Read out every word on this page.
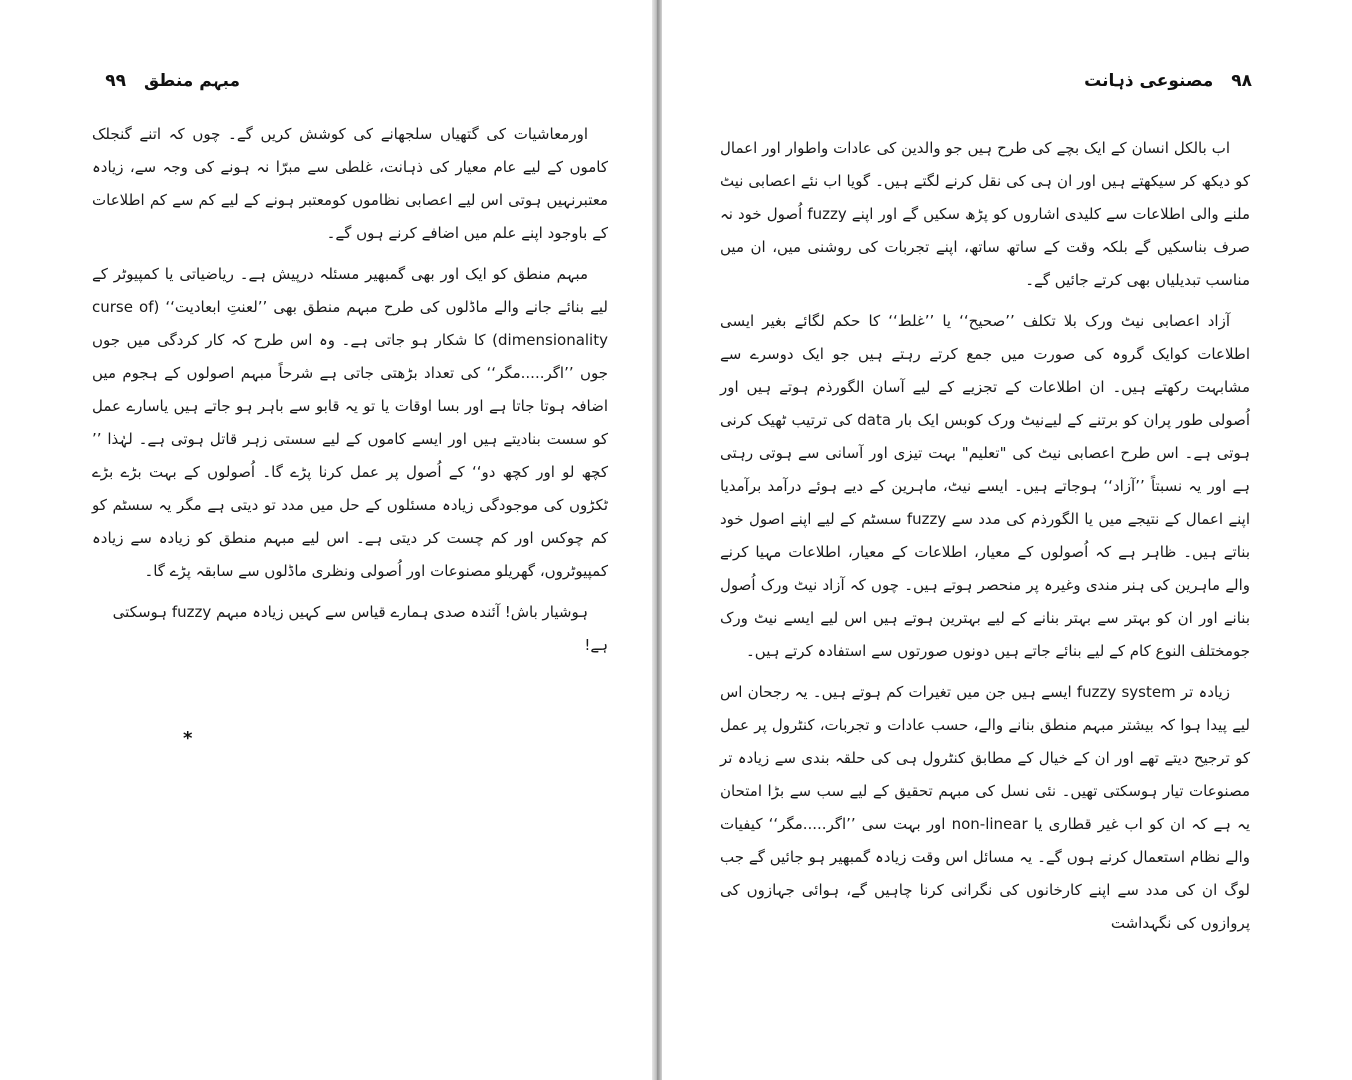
۹۹ مبہم منطق

اورمعاشیات کی گتھیاں سلجھانے کی کوشش کریں گے۔ چوں کہ اتنے گنجلک کاموں کے لیے عام معیار کی ذہانت، غلطی سے مبرّا نہ ہونے کی وجہ سے، زیادہ معتبرنہیں ہوتی اس لیے اعصابی نظاموں کومعتبر ہونے کے لیے کم سے کم اطلاعات کے باوجود اپنے علم میں اضافے کرنے ہوں گے۔

مبہم منطق کو ایک اور بھی گمبھیر مسئلہ درپیش ہے۔ ریاضیاتی یا کمپیوٹر کے لیے بنائے جانے والے ماڈلوں کی طرح مبہم منطق بھی ’’لعنتِ ابعادیت‘‘ (curse of dimensionality) کا شکار ہو جاتی ہے۔ وہ اس طرح کہ کار کردگی میں جوں جوں ’’اگر.....مگر‘‘ کی تعداد بڑھتی جاتی ہے شرحاً مبہم اصولوں کے ہجوم میں اضافہ ہوتا جاتا ہے اور بسا اوقات یا تو یہ قابو سے باہر ہو جاتے ہیں یاسارے عمل کو سست بنادیتے ہیں اور ایسے کاموں کے لیے سستی زہر قاتل ہوتی ہے۔ لہٰذا ’’ کچھ لو اور کچھ دو‘‘ کے اُصول پر عمل کرنا پڑے گا۔ اُصولوں کے بہت بڑے بڑے ٹکڑوں کی موجودگی زیادہ مسئلوں کے حل میں مدد تو دیتی ہے مگر یہ سسٹم کو کم چوکس اور کم چست کر دیتی ہے۔ اس لیے مبہم منطق کو زیادہ سے زیادہ کمپیوٹروں، گھریلو مصنوعات اور اُصولی ونظری ماڈلوں سے سابقہ پڑے گا۔

ہوشیار باش! آئندہ صدی ہمارے قیاس سے کہیں زیادہ مبہم fuzzy ہوسکتی ہے!

*
۹۸
مصنوعی ذہانت

اب بالکل انسان کے ایک بچے کی طرح ہیں جو والدین کی عادات واطوار اور اعمال کو دیکھ کر سیکھتے ہیں اور ان ہی کی نقل کرنے لگتے ہیں۔ گویا اب نئے اعصابی نیٹ ملنے والی اطلاعات سے کلیدی اشاروں کو پڑھ سکیں گے اور اپنے fuzzy اُصول خود نہ صرف بناسکیں گے بلکہ وقت کے ساتھ ساتھ، اپنے تجربات کی روشنی میں، ان میں مناسب تبدیلیاں بھی کرتے جائیں گے۔

آزاد اعصابی نیٹ ورک بلا تکلف ’’صحیح‘‘ یا ’’غلط‘‘ کا حکم لگائے بغیر ایسی اطلاعات کوایک گروہ کی صورت میں جمع کرتے رہتے ہیں جو ایک دوسرے سے مشابہت رکھتے ہیں۔ ان اطلاعات کے تجزیے کے لیے آسان الگورذم ہوتے ہیں اور اُصولی طور پران کو برتنے کے لیےنیٹ ورک کوبس ایک بار data کی ترتیب ٹھیک کرنی ہوتی ہے۔ اس طرح اعصابی نیٹ کی "تعلیم" بہت تیزی اور آسانی سے ہوتی رہتی ہے اور یہ نسبتاً ’’آزاد‘‘ ہوجاتے ہیں۔ ایسے نیٹ، ماہرین کے دیے ہوئے درآمد برآمدیا اپنے اعمال کے نتیجے میں یا الگورذم کی مدد سے fuzzy سسٹم کے لیے اپنے اصول خود بناتے ہیں۔ ظاہر ہے کہ اُصولوں کے معیار، اطلاعات کے معیار، اطلاعات مہیا کرنے والے ماہرین کی ہنر مندی وغیرہ پر منحصر ہوتے ہیں۔ چوں کہ آزاد نیٹ ورک اُصول بنانے اور ان کو بہتر سے بہتر بنانے کے لیے بہترین ہوتے ہیں اس لیے ایسے نیٹ ورک جومختلف النوع کام کے لیے بنائے جاتے ہیں دونوں صورتوں سے استفادہ کرتے ہیں۔

زیادہ تر fuzzy system ایسے ہیں جن میں تغیرات کم ہوتے ہیں۔ یہ رجحان اس لیے پیدا ہوا کہ بیشتر مبہم منطق بنانے والے، حسب عادات و تجربات، کنٹرول پر عمل کو ترجیح دیتے تھے اور ان کے خیال کے مطابق کنٹرول ہی کی حلقہ بندی سے زیادہ تر مصنوعات تیار ہوسکتی تھیں۔ نئی نسل کی مبہم تحقیق کے لیے سب سے بڑا امتحان یہ ہے کہ ان کو اب غیر قطاری یا non-linear اور بہت سی ’’اگر.....مگر‘‘ کیفیات والے نظام استعمال کرنے ہوں گے۔ یہ مسائل اس وقت زیادہ گمبھیر ہو جائیں گے جب لوگ ان کی مدد سے اپنے کارخانوں کی نگرانی کرنا چاہیں گے، ہوائی جہازوں کی پروازوں کی نگہداشت
